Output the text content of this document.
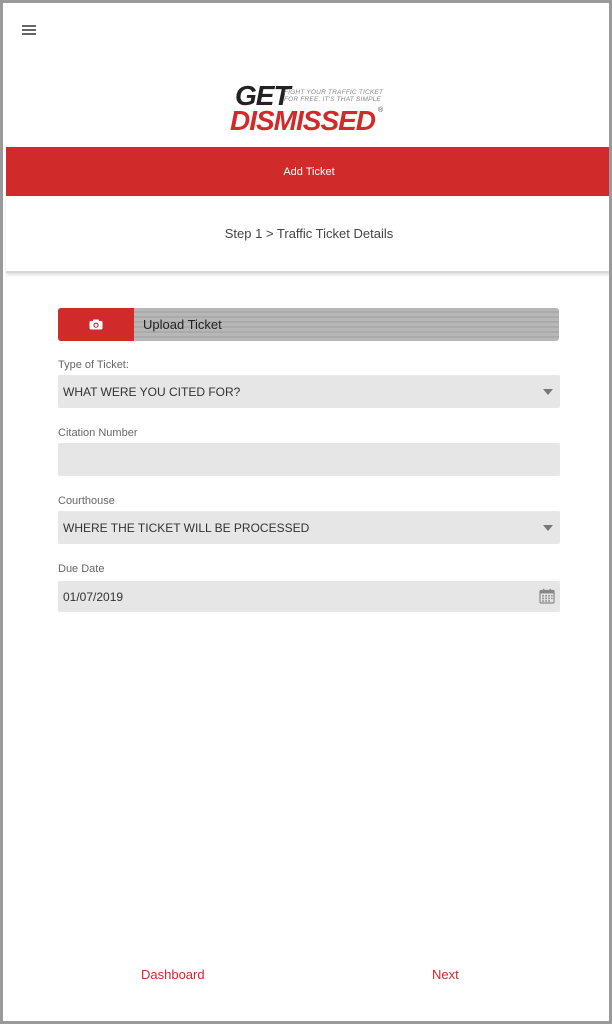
GET
FIGHT YOUR TRAFFIC TICKET FOR FREE. IT'S THAT SIMPLE
DISMISSED ®
Add Ticket
Step 1 > Traffic Ticket Details
Upload Ticket
Type of Ticket:
WHAT WERE YOU CITED FOR?
Citation Number
Courthouse
WHERE THE TICKET WILL BE PROCESSED
Due Date
01/07/2019
Dashboard	Next
